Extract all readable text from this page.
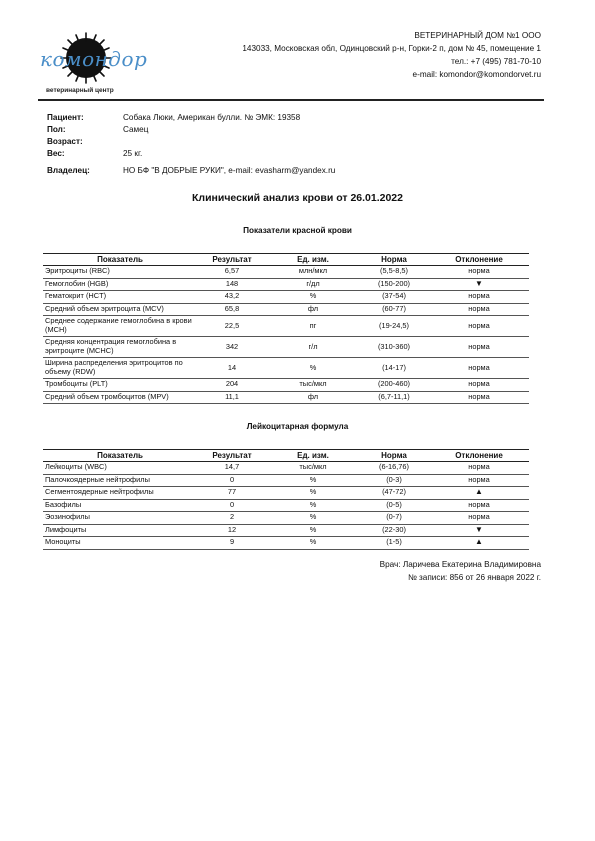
комондор
ветеринарный центр
ВЕТЕРИНАРНЫЙ ДОМ №1 ООО
143033, Московская обл, Одинцовский р-н, Горки-2 п, дом № 45, помещение 1
тел.: +7 (495) 781-70-10
e-mail: komondor@komondorvet.ru
Пациент:	Собака Люки, Американ булли. № ЭМК: 19358
Пол:	Самец
Возраст:
Вес:	25 кг.
Владелец:	НО БФ "В ДОБРЫЕ РУКИ", e-mail: evasharm@yandex.ru
Клинический анализ крови от 26.01.2022
Показатели красной крови
Показатель	Результат	Ед. изм.	Норма	Отклонение
Эритроциты (RBC)	6,57	млн/мкл	(5,5-8,5)	норма
Гемоглобин (HGB)	148	г/дл	(150-200)	▼
Гематокрит (HCT)	43,2	%	(37-54)	норма
Средний объем эритроцита (MCV)	65,8	фл	(60-77)	норма
Среднее содержание гемоглобина в крови (MCH)	22,5	пг	(19-24,5)	норма
Средняя концентрация гемоглобина в эритроците (MCHC)	342	г/л	(310-360)	норма
Ширина распределения эритроцитов по объему (RDW)	14	%	(14-17)	норма
Тромбоциты (PLT)	204	тыс/мкл	(200-460)	норма
Средний объем тромбоцитов (MPV)	11,1	фл	(6,7-11,1)	норма
Лейкоцитарная формула
Показатель	Результат	Ед. изм.	Норма	Отклонение
Лейкоциты (WBC)	14,7	тыс/мкл	(6-16,76)	норма
Палочкоядерные нейтрофилы	0	%	(0-3)	норма
Сегментоядерные нейтрофилы	77	%	(47-72)	▲
Базофилы	0	%	(0-5)	норма
Эозинофилы	2	%	(0-7)	норма
Лимфоциты	12	%	(22-30)	▼
Моноциты	9	%	(1-5)	▲
Врач: Ларичева Екатерина Владимировна
№ записи: 856 от 26 января 2022 г.
